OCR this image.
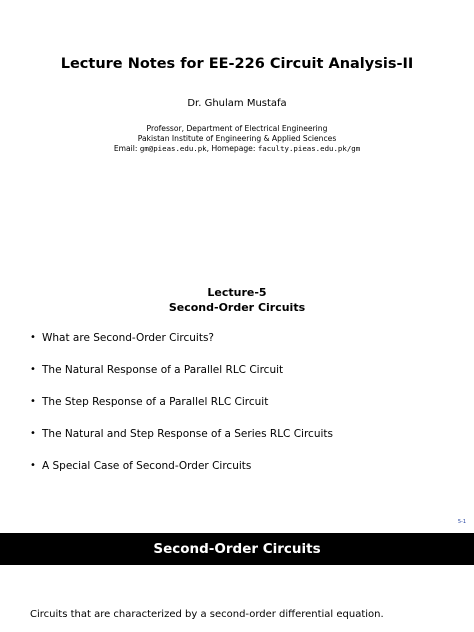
Lecture Notes for EE-226 Circuit Analysis-II
Dr. Ghulam Mustafa
Professor, Department of Electrical Engineering
Pakistan Institute of Engineering & Applied Sciences
Email: gm@pieas.edu.pk, Homepage: faculty.pieas.edu.pk/gm
Lecture-5
Second-Order Circuits
• What are Second-Order Circuits?
• The Natural Response of a Parallel RLC Circuit
• The Step Response of a Parallel RLC Circuit
• The Natural and Step Response of a Series RLC Circuits
• A Special Case of Second-Order Circuits
5-1
Second-Order Circuits
Circuits that are characterized by a second-order differential equation.
